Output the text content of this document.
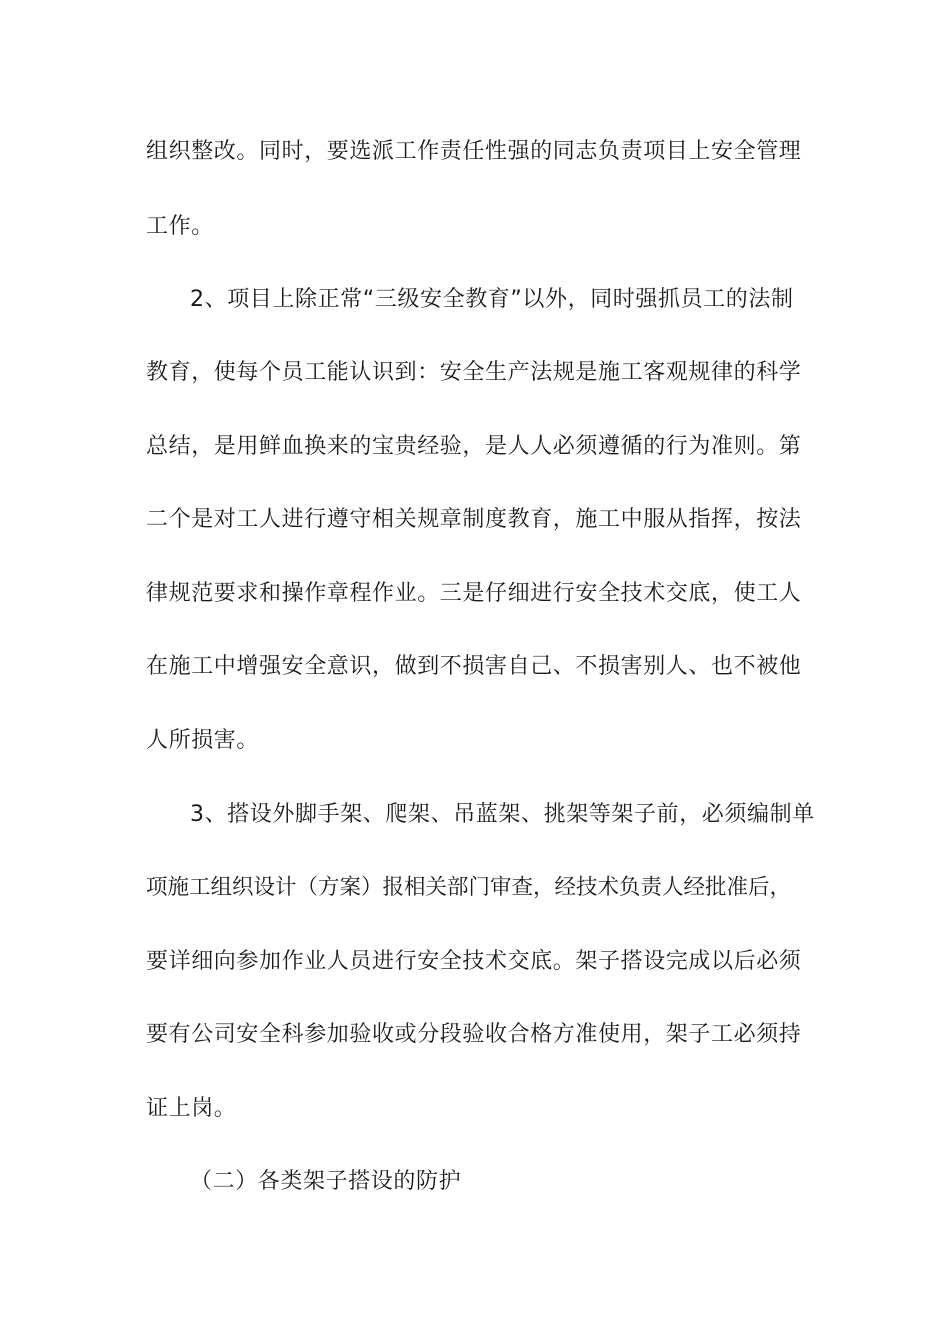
组织整改。同时，要选派工作责任性强的同志负责项目上安全管理
工作。
2、项目上除正常“三级安全教育”以外，同时强抓员工的法制
教育，使每个员工能认识到：安全生产法规是施工客观规律的科学
总结，是用鲜血换来的宝贵经验，是人人必须遵循的行为准则。第
二个是对工人进行遵守相关规章制度教育，施工中服从指挥，按法
律规范要求和操作章程作业。三是仔细进行安全技术交底，使工人
在施工中增强安全意识，做到不损害自己、不损害别人、也不被他
人所损害。
3、搭设外脚手架、爬架、吊蓝架、挑架等架子前，必须编制单
项施工组织设计（方案）报相关部门审查，经技术负责人经批准后，
要详细向参加作业人员进行安全技术交底。架子搭设完成以后必须
要有公司安全科参加验收或分段验收合格方准使用，架子工必须持
证上岗。
（二）各类架子搭设的防护
